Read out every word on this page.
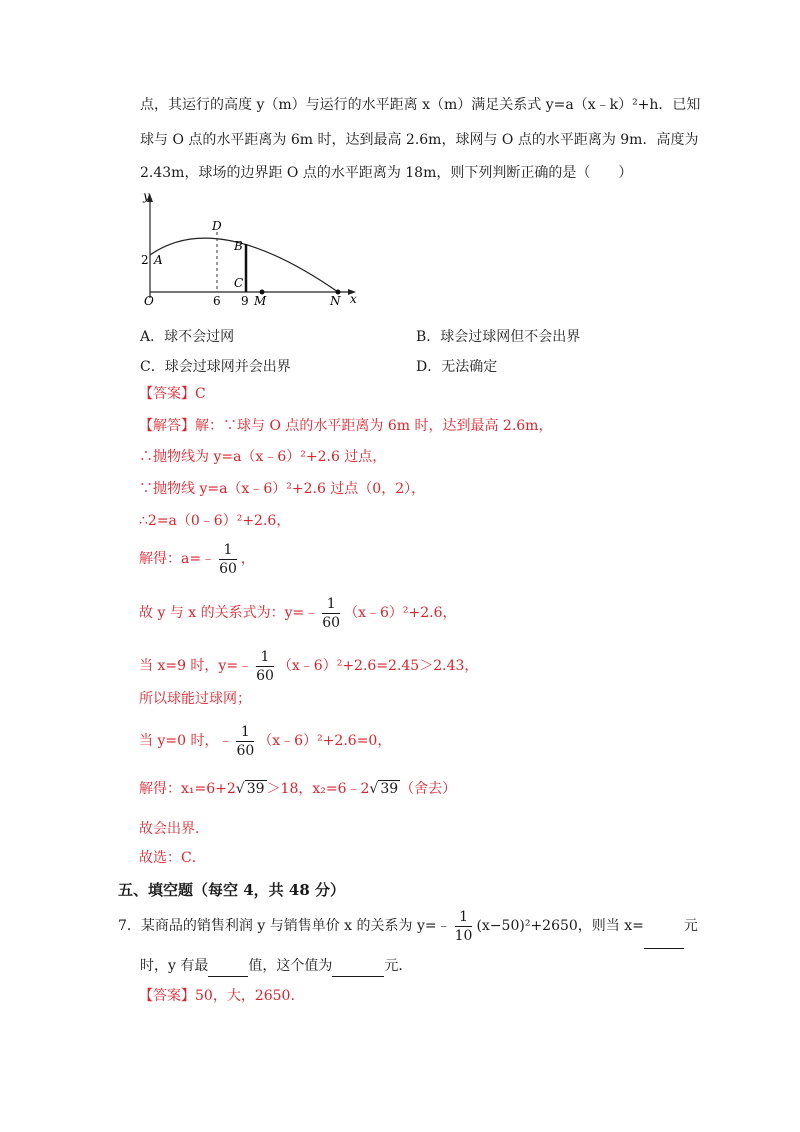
点，其运行的高度 y（m）与运行的水平距离 x（m）满足关系式 y=a（x﹣k）²+h．已知
球与 O 点的水平距离为 6m 时，达到最高 2.6m，球网与 O 点的水平距离为 9m．高度为
2.43m，球场的边界距 O 点的水平距离为 18m，则下列判断正确的是（　　）
y
x
O
2 A
D
B
C
6 9 M	N
A．球不会过网	B．球会过球网但不会出界
C．球会过球网并会出界	D．无法确定
【答案】C
【解答】解：∵球与 O 点的水平距离为 6m 时，达到最高 2.6m，
∴抛物线为 y=a（x﹣6）²+2.6 过点，
∵抛物线 y=a（x﹣6）²+2.6 过点（0，2），
∴2=a（0﹣6）²+2.6，
解得：a=﹣ $\frac{1}{60}$ ，
故 y 与 x 的关系式为：y=﹣ $\frac{1}{60}$ （x﹣6）²+2.6，
当 x=9 时，y=﹣ $\frac{1}{60}$ （x﹣6）²+2.6=2.45＞2.43，
所以球能过球网；
当 y=0 时，﹣ $\frac{1}{60}$ （x﹣6）²+2.6=0，
解得：x₁=6+2√ 39 ＞18，x₂=6﹣2√ 39 （舍去）
故会出界．
故选：C．
五、填空题（每空 4，共 48 分）
7．某商品的销售利润 y 与销售单价 x 的关系为 y=﹣ $\frac{1}{10} (x-50)^2+2650$，则当 x=	元
时，y 有最	值，这个值为	元．
【答案】50，大，2650.
